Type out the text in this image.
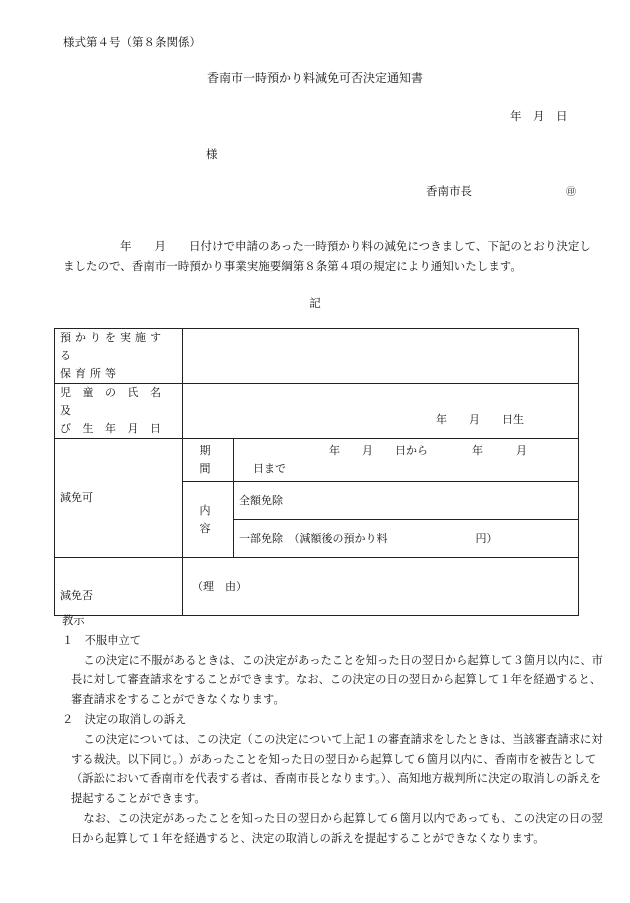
様式第４号（第８条関係）
香南市一時預かり料減免可否決定通知書
年　月　日
様
香南市長	㊞
年　　月　　日付けで申請のあった一時預かり料の減免につきまして、下記のとおり決定し
ましたので、香南市一時預かり事業実施要綱第８条第４項の規定により通知いたします。
記
預かりを実施する
保育所等		

児 童 の 氏 名 及
び 生 年 月 日	年　　月　　日生	

減免可	期　間	年　　月　　日から　　　　年　　　月
日まで

	内　容	全額免除
		一部免除　（減額後の預かり料　　　　　　　　円）
減免否	（理　由）	

教示

１　不服申立て

この決定に不服があるときは、この決定があったことを知った日の翌日から起算して３箇月以内に、市長に対して審査請求をすることができます。なお、この決定の日の翌日から起算して１年を経過すると、審査請求をすることができなくなります。

２　決定の取消しの訴え

この決定については、この決定（この決定について上記１の審査請求をしたときは、当該審査請求に対する裁決。以下同じ。）があったことを知った日の翌日から起算して６箇月以内に、香南市を被告として（訴訟において香南市を代表する者は、香南市長となります。）、高知地方裁判所に決定の取消しの訴えを提起することができます。

なお、この決定があったことを知った日の翌日から起算して６箇月以内であっても、この決定の日の翌日から起算して１年を経過すると、決定の取消しの訴えを提起することができなくなります。
